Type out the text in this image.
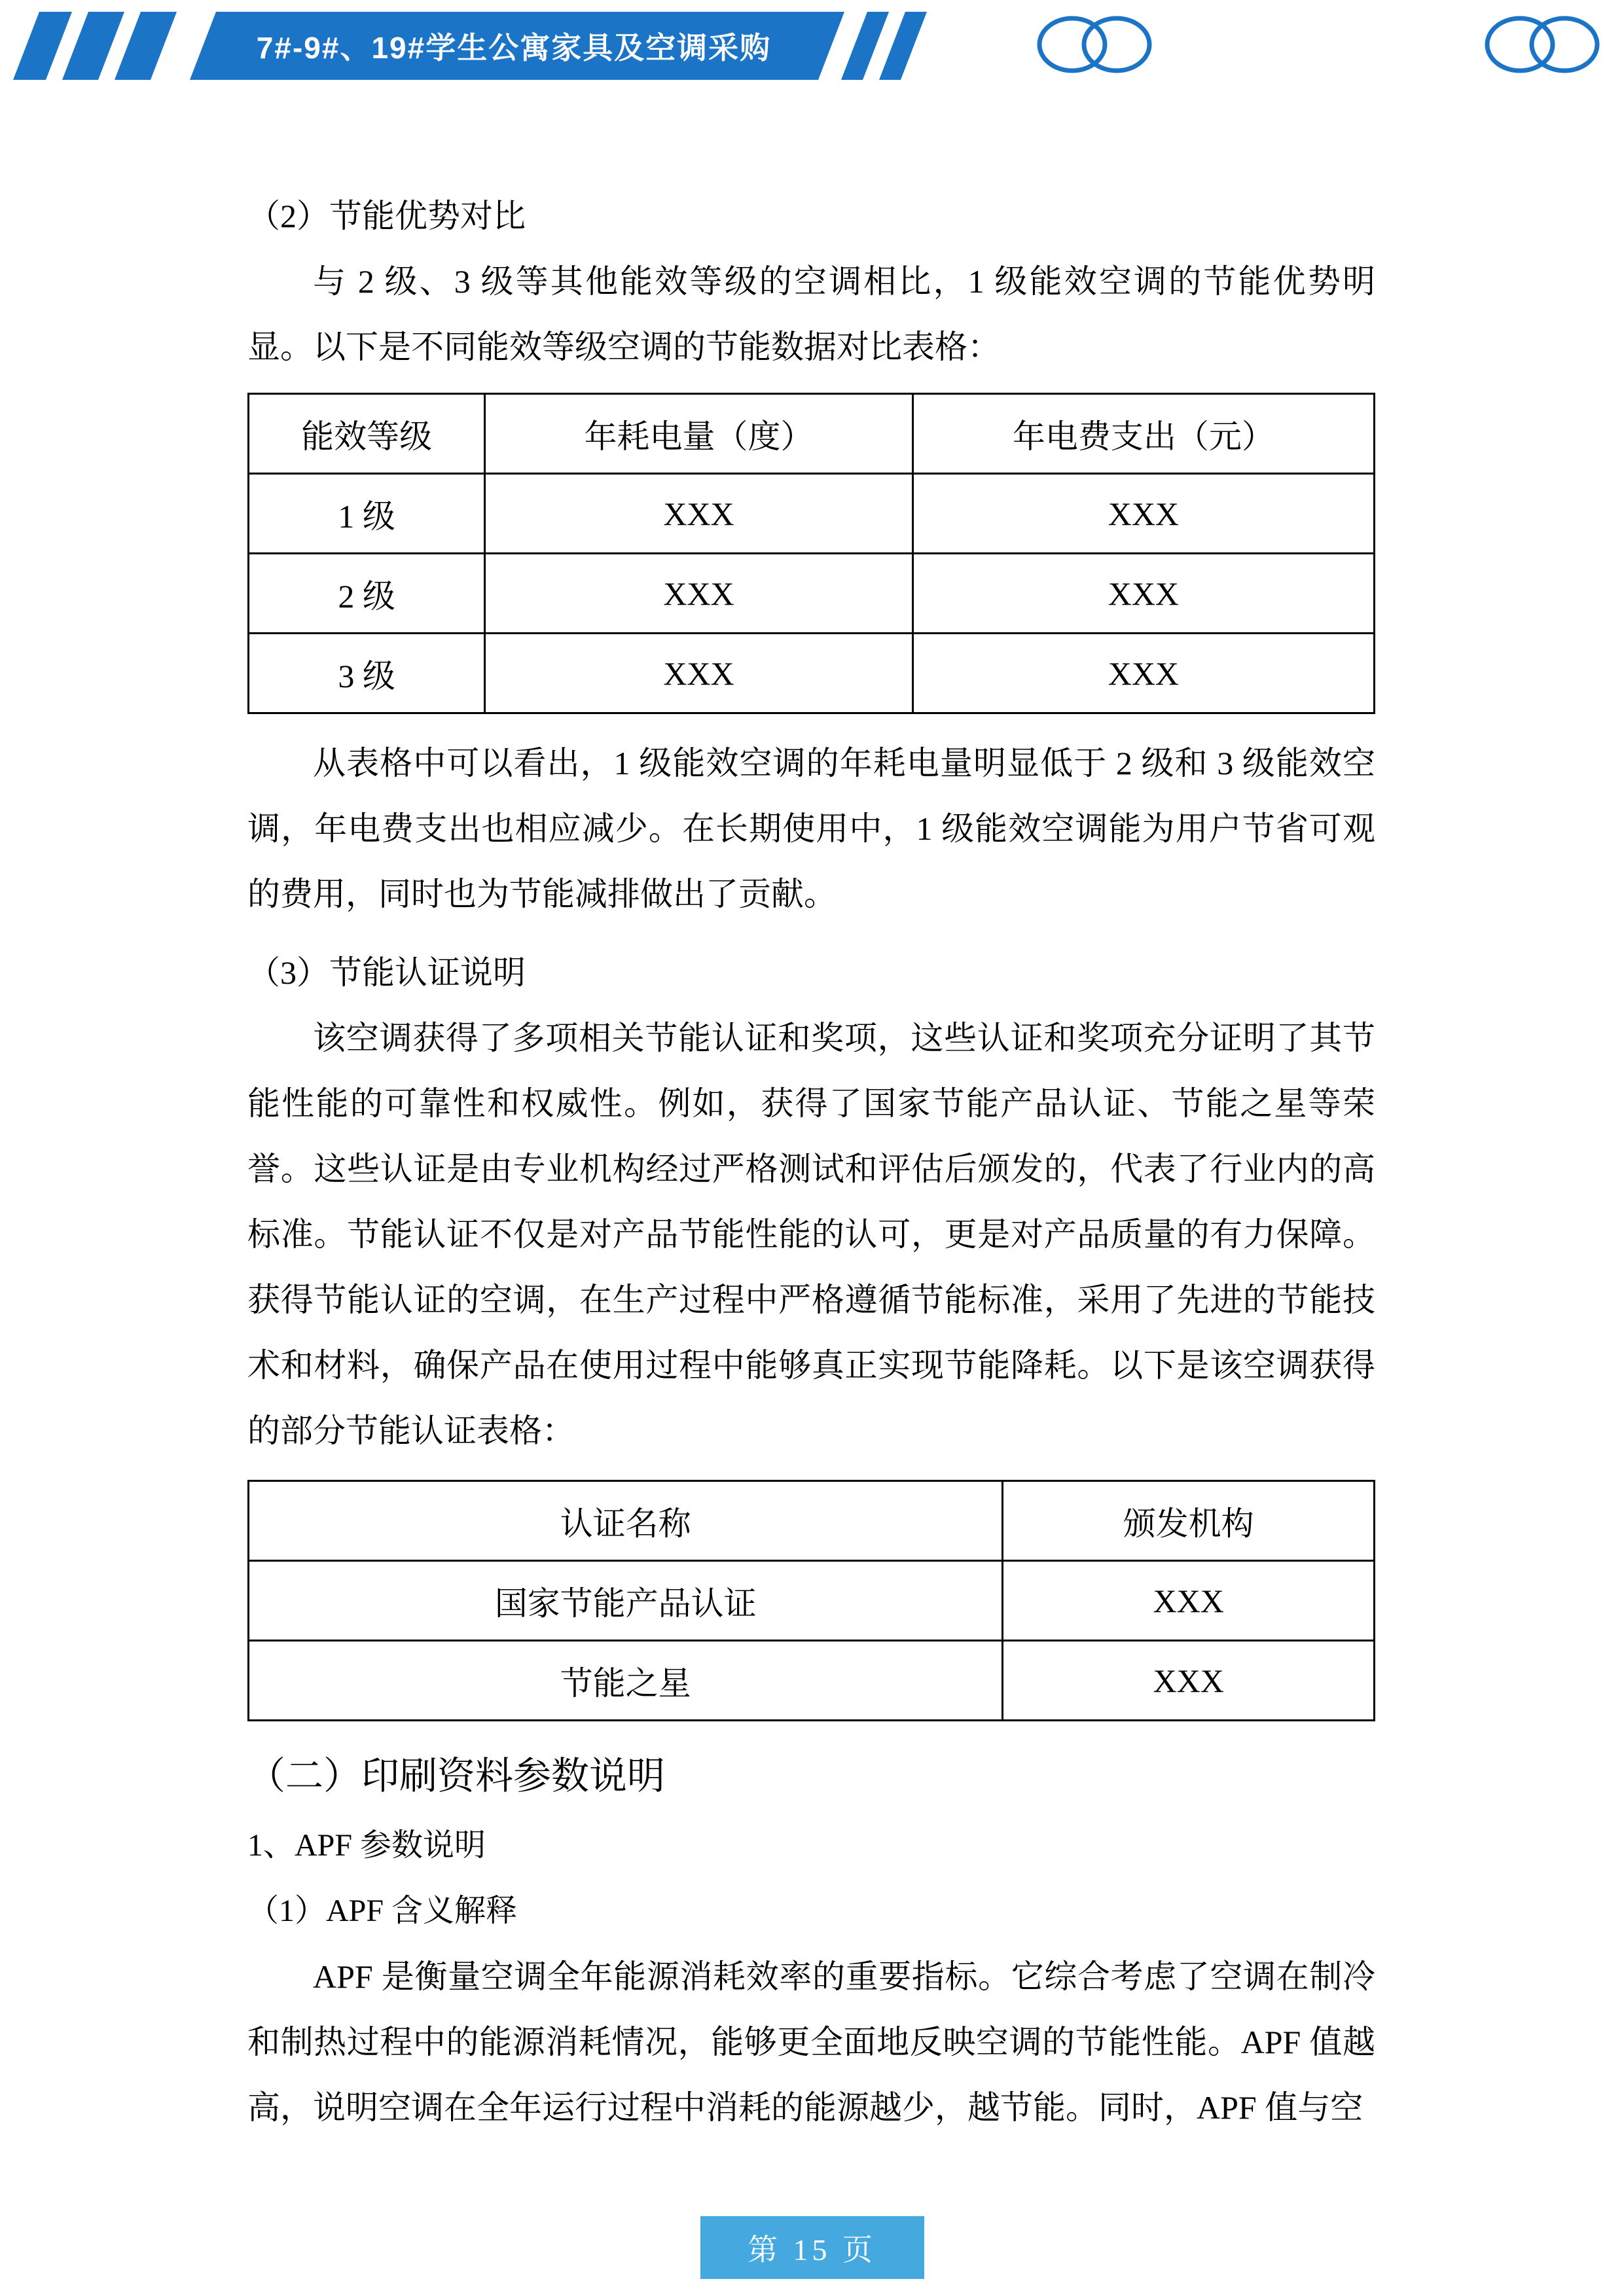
7#-9#、19#学生公寓家具及空调采购

（2）节能优势对比

与 2 级、3 级等其他能效等级的空调相比，1 级能效空调的节能优势明显。以下是不同能效等级空调的节能数据对比表格：

能效等级	年耗电量（度）	年电费支出（元）
1 级	XXX	XXX
2 级	XXX	XXX
3 级	XXX	XXX

从表格中可以看出，1 级能效空调的年耗电量明显低于 2 级和 3 级能效空调，年电费支出也相应减少。在长期使用中，1 级能效空调能为用户节省可观的费用，同时也为节能减排做出了贡献。

（3）节能认证说明

该空调获得了多项相关节能认证和奖项，这些认证和奖项充分证明了其节能性能的可靠性和权威性。例如，获得了国家节能产品认证、节能之星等荣誉。这些认证是由专业机构经过严格测试和评估后颁发的，代表了行业内的高标准。节能认证不仅是对产品节能性能的认可，更是对产品质量的有力保障。获得节能认证的空调，在生产过程中严格遵循节能标准，采用了先进的节能技术和材料，确保产品在使用过程中能够真正实现节能降耗。以下是该空调获得的部分节能认证表格：

认证名称	颁发机构
国家节能产品认证	XXX
节能之星	XXX

（二）印刷资料参数说明

1、APF 参数说明

（1）APF 含义解释

APF 是衡量空调全年能源消耗效率的重要指标。它综合考虑了空调在制冷和制热过程中的能源消耗情况，能够更全面地反映空调的节能性能。APF 值越高，说明空调在全年运行过程中消耗的能源越少，越节能。同时，APF 值与空

第 15 页
